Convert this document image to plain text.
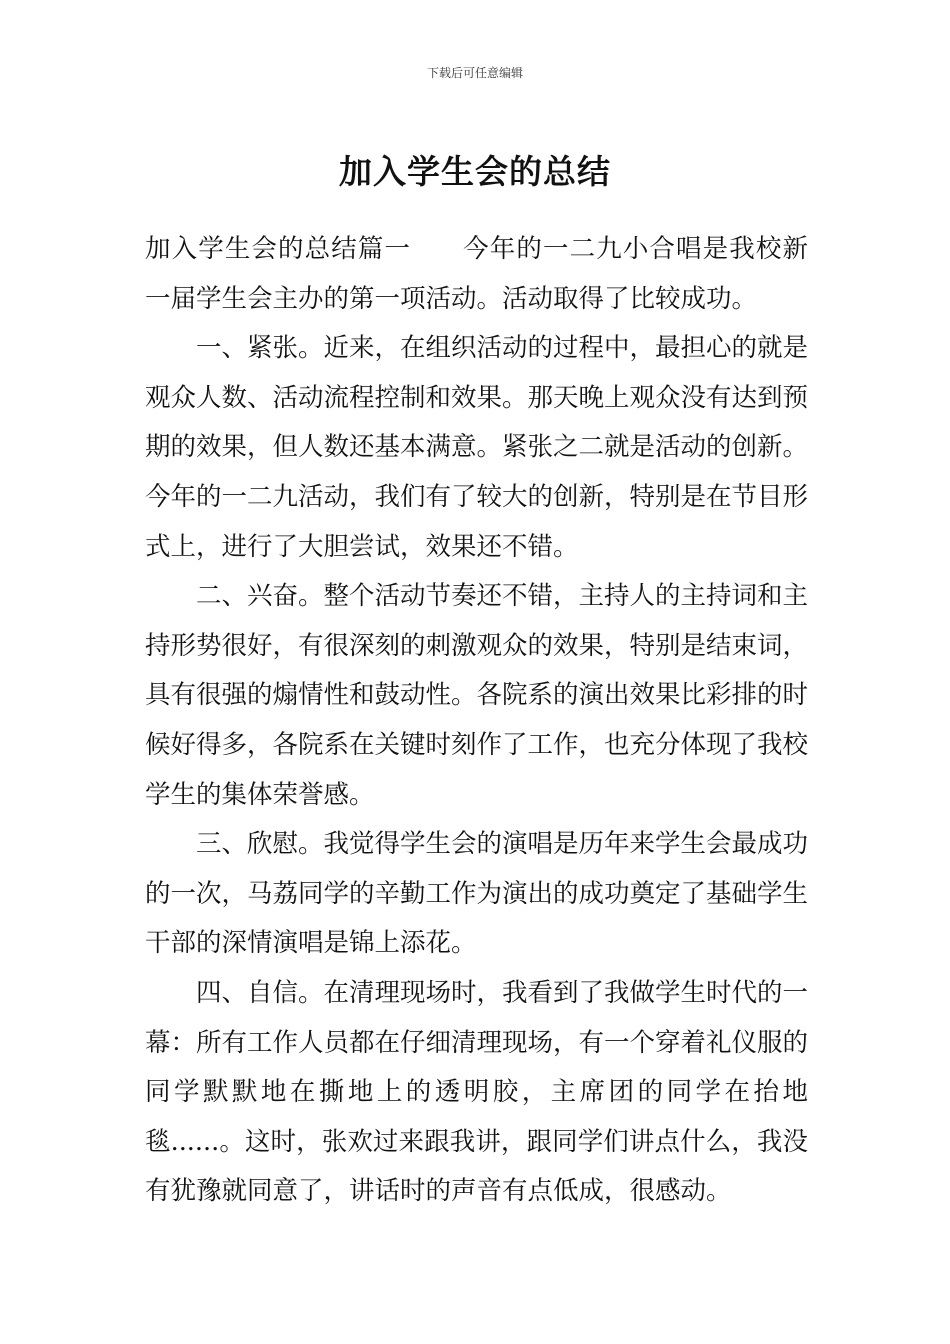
下载后可任意编辑
加入学生会的总结

加入学生会的总结篇一 今年的一二九小合唱是我校新一届学生会主办的第一项活动。活动取得了比较成功。

一、紧张。近来，在组织活动的过程中，最担心的就是观众人数、活动流程控制和效果。那天晚上观众没有达到预期的效果，但人数还基本满意。紧张之二就是活动的创新。今年的一二九活动，我们有了较大的创新，特别是在节目形式上，进行了大胆尝试，效果还不错。

二、兴奋。整个活动节奏还不错，主持人的主持词和主持形势很好，有很深刻的刺激观众的效果，特别是结束词，具有很强的煽情性和鼓动性。各院系的演出效果比彩排的时候好得多，各院系在关键时刻作了工作，也充分体现了我校学生的集体荣誉感。

三、欣慰。我觉得学生会的演唱是历年来学生会最成功的一次，马荔同学的辛勤工作为演出的成功奠定了基础学生干部的深情演唱是锦上添花。

四、自信。在清理现场时，我看到了我做学生时代的一幕：所有工作人员都在仔细清理现场，有一个穿着礼仪服的同学默默地在撕地上的透明胶，主席团的同学在抬地毯......。这时，张欢过来跟我讲，跟同学们讲点什么，我没有犹豫就同意了，讲话时的声音有点低成，很感动。
